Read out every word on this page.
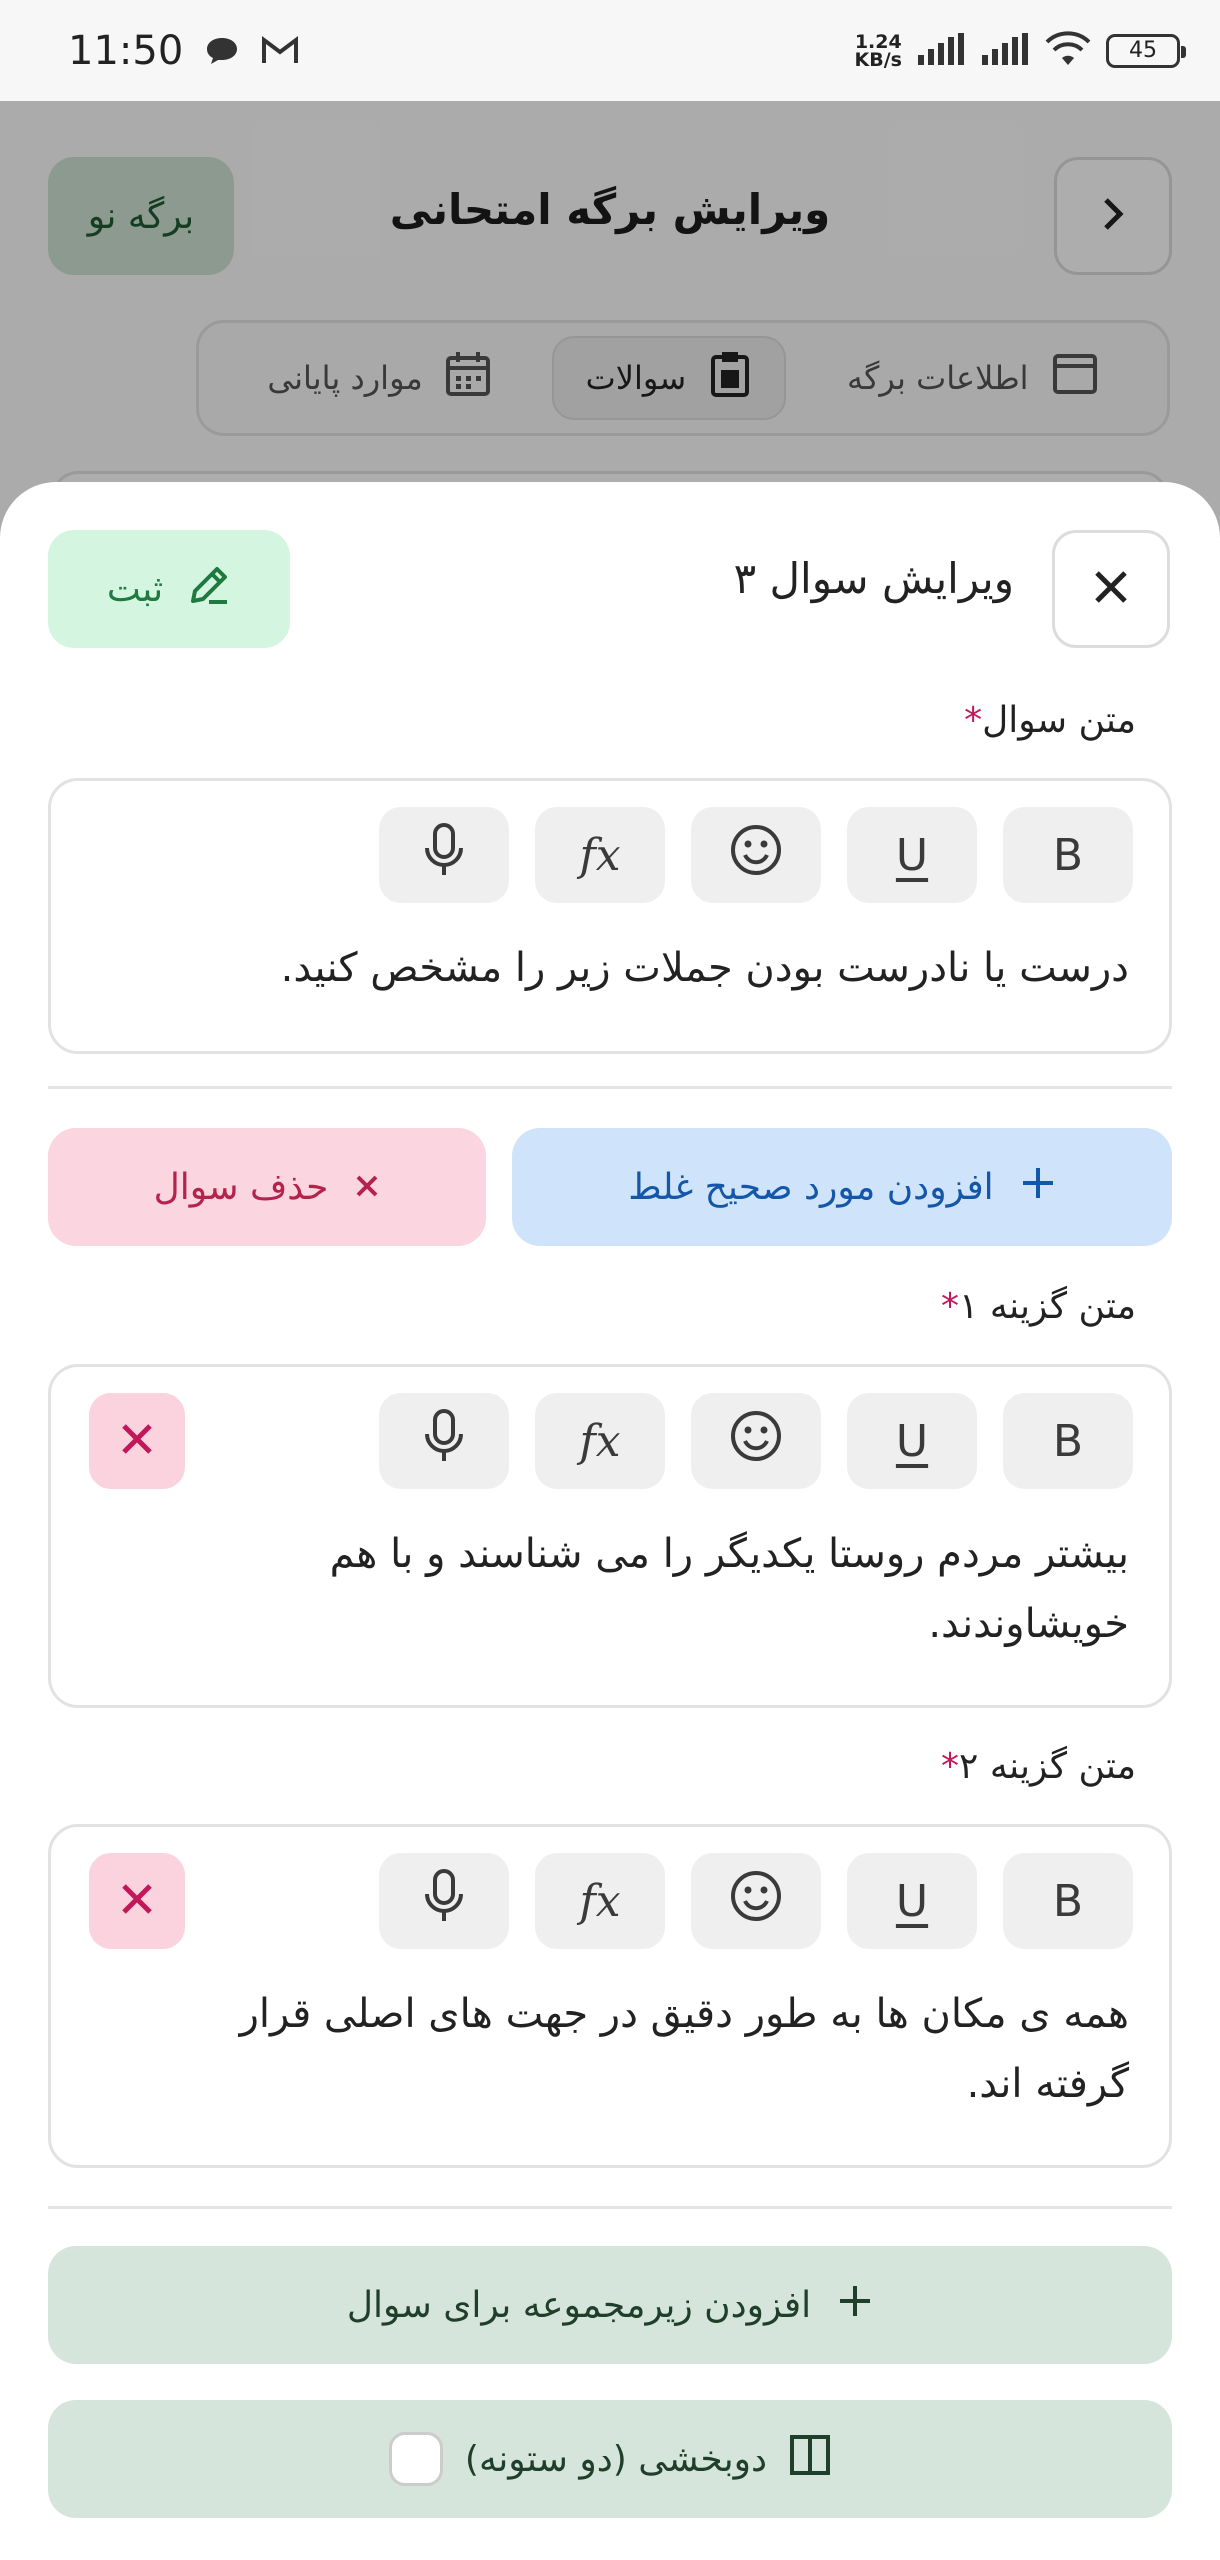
11:50	1.24
KB/s	45
برگه نو	ویرایش برگه امتحانی
اطلاعات برگه
سوالات
موارد پایانی
ثبت	ویرایش سوال ۳
متن سوال*
B
U
fx
درست یا نادرست بودن جملات زیر را مشخص کنید.
افزودن مورد صحیح غلط
حذف سوال
متن گزینه ۱*
B
U
fx
بیشتر مردم روستا یکدیگر را می شناسند و با هم خویشاوندند.
متن گزینه ۲*
B
U
fx
همه ی مکان ها به طور دقیق در جهت های اصلی قرار گرفته اند.
افزودن زیرمجموعه برای سوال
دوبخشی (دو ستونه)
